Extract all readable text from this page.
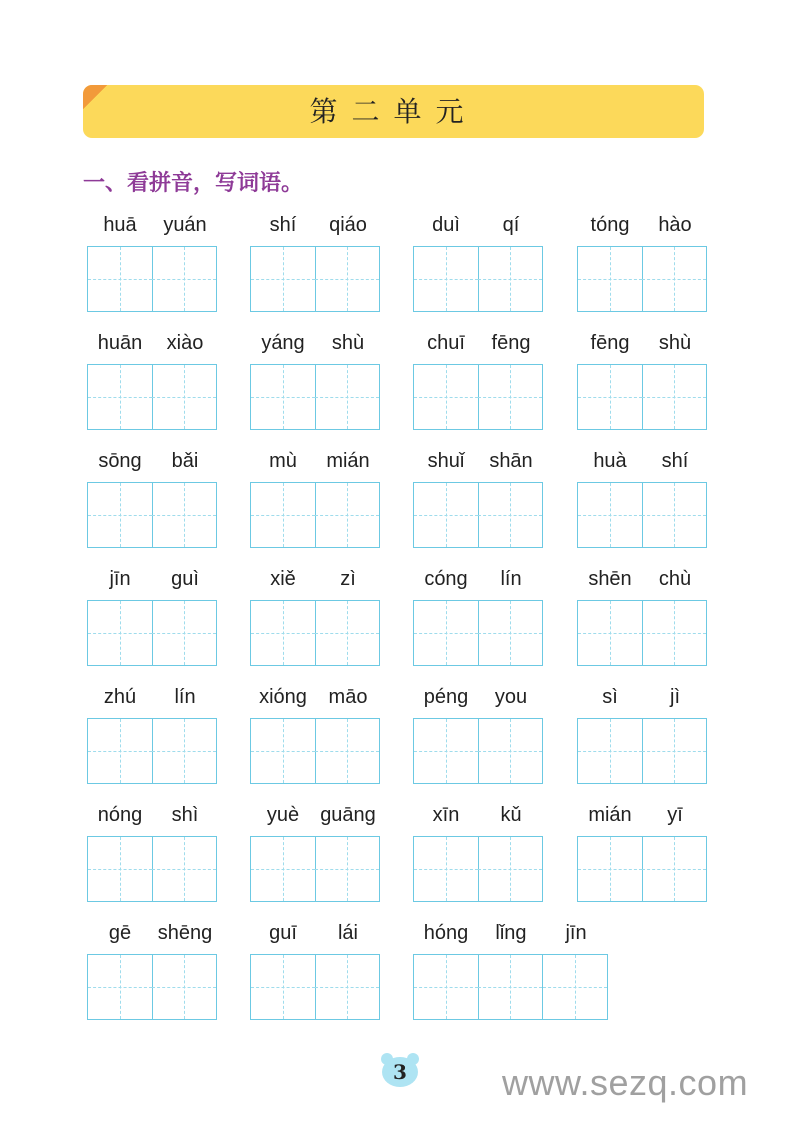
第二单元
一、看拼音，写词语。
huā	yuán	shí	qiáo	duì	qí	tóng	hào
huān	xiào	yáng	shù	chuī	fēng	fēng	shù
sōng	bǎi	mù	mián	shuǐ	shān	huà	shí
jīn	guì	xiě	zì	cóng	lín	shēn	chù
zhú	lín	xióng	māo	péng	you	sì	jì
nóng	shì	yuè	guāng	xīn	kǔ	mián	yī
gē	shēng	guī	lái	hóng	lǐng	jīn
3	www.sezq.com
